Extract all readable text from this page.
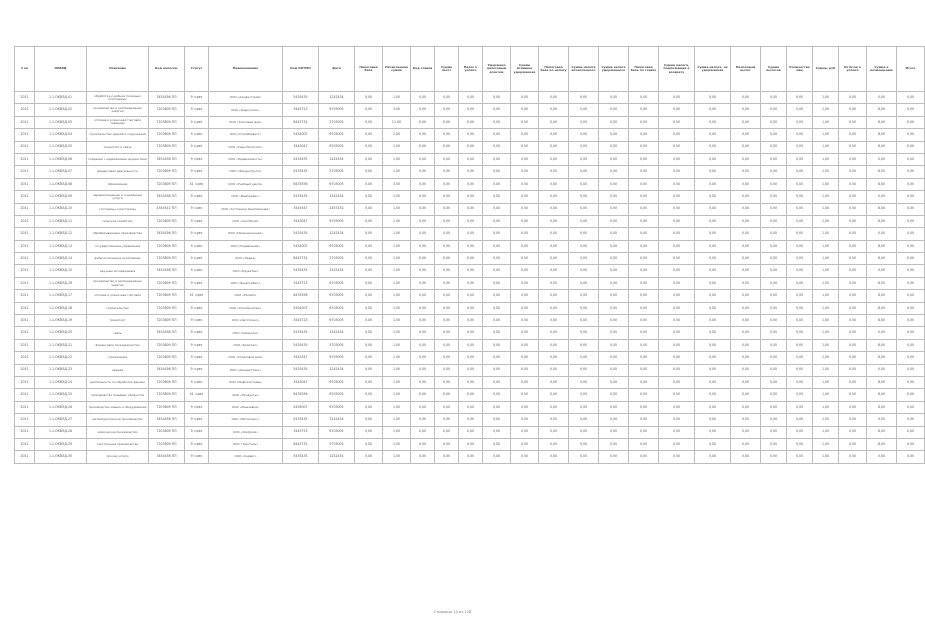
1 кв	ОКВЭД	Описание	Код налогов.	Статус	Наименование	Код ОКТМО	Дата	Налоговая база	Начисленная сумма	Код ставки	Сумма льгот	Налог к уплате	Удержано налоговым агентом	Сумма излишне удержанная	Налоговая база по налогу	Сумма налога исчисленного	Сумма налога удержанного	Налоговая база по ставке	Сумма налога, подлежащая к возврату	Сумма налога, не удержанная	Налоговый вычет	Сумма вычетов	Количество лиц	Сумма, руб	Остаток к уплате	Сумма к возмещению	Итого
2011	1.1-ОКВЭД-01	обработка и добыча полезных ископаемых	3454456 ПЛ	9 ч.рес	ООО «Альфа-Строй»	5435435	1242434	0,00	1,00	0,00	0,00	0,00	0,00	0,00	0,00	0,00	0,00	0,00	0,00	0,00	0,00	0,00	0,00	1,00	0,00	0,00	0,00
2011	1.1-ОКВЭД-02	производство и распределение энергии	7203809 ПЛ	9 ч.рес	ООО «Энергосеть»	3445723	6703005	0,00	3,00	0,00	0,00	0,00	0,00	0,00	0,00	0,00	0,00	0,00	0,00	0,00	0,00	0,00	0,00	1,00	0,00	8,00	0,00
2011	1.1-ОКВЭД-03	оптовая и розничная торговля товарами	7203809 ПЛ	9 ч.рес	ООО «Торговый дом»	8445731	5703005	0,00	11,00	0,00	0,00	0,00	0,00	0,00	0,00	0,00	0,00	0,00	0,00	0,00	0,00	0,00	0,00	1,00	0,00	8,00	0,00
2011	1.1-ОКВЭД-04	строительство зданий и сооружений	7203809 ПЛ	9 ч.рес	ООО «СтройИнвест»	5454007	6703005	0,00	2,00	0,00	0,00	0,00	0,00	0,00	0,00	0,00	0,00	0,00	0,00	0,00	0,00	0,00	0,00	1,00	0,00	8,00	0,00
2011	1.1-ОКВЭД-05	транспорт и связь	7203809 ПЛ	9 ч.рес	ООО «ТрансЛогистик»	3445047	6703005	0,00	1,00	0,00	0,00	0,00	0,00	0,00	0,00	0,00	0,00	0,00	0,00	0,00	0,00	0,00	0,00	1,00	0,00	8,00	0,00
2011	1.1-ОКВЭД-06	операции с недвижимым имуществом	3454456 ПЛ	9 ч.рес	ООО «Недвижимость»	5435435	1242434	0,00	1,00	0,00	0,00	0,00	0,00	0,00	0,00	0,00	0,00	0,00	0,00	0,00	0,00	0,00	0,00	1,00	0,00	0,00	0,00
2011	1.1-ОКВЭД-07	финансовая деятельность	7203809 ПЛ	9 ч.рес	ООО «ФинансГрупп»	5435435	5703005	0,00	1,00	0,00	0,00	0,00	0,00	0,00	0,00	0,00	0,00	0,00	0,00	0,00	0,00	0,00	0,00	1,00	0,00	8,00	0,00
2011	1.1-ОКВЭД-08	образование	7203809 ПЛ	41 ч.рес	ООО «Учебный центр»	6435556	6703005	0,00	3,00	0,00	0,00	0,00	0,00	0,00	0,00	0,00	0,00	0,00	0,00	0,00	0,00	0,00	0,00	1,00	0,00	8,00	0,00
2011	1.1-ОКВЭД-09	здравоохранение и социальные услуги	3454456 ПЛ	9 ч.рес	ООО «МедСервис»	5435435	1242434	0,00	1,00	0,00	0,00	0,00	0,00	0,00	0,00	0,00	0,00	0,00	0,00	0,00	0,00	0,00	0,00	1,00	0,00	0,00	0,00
2011	1.1-ОКВЭД-10	гостиницы и рестораны	4345511 ПЛ	9 ч.рес	ООО «Гостиница Центральная»	3445347	2457432	0,00	1,00	0,00	0,00	0,00	0,00	0,00	0,00	0,00	0,00	0,00	0,00	0,00	0,00	0,00	0,00	1,00	0,00	8,00	0,00
2011	1.1-ОКВЭД-11	сельское хозяйство	7203809 ПЛ	9 ч.рес	ООО «АгроПром»	3445047	6703005	0,00	1,00	0,00	0,00	0,00	0,00	0,00	0,00	0,00	0,00	0,00	0,00	0,00	0,00	0,00	0,00	1,00	0,00	8,00	0,00
2011	1.1-ОКВЭД-12	обрабатывающие производства	3454456 ПЛ	9 ч.рес	ООО «Промышленник»	5435435	1242434	0,00	1,00	0,00	0,00	0,00	0,00	0,00	0,00	0,00	0,00	0,00	0,00	0,00	0,00	0,00	0,00	1,00	0,00	0,00	0,00
2011	1.1-ОКВЭД-13	государственное управление	7203809 ПЛ	9 ч.рес	ООО «Управление»	5454007	6703005	0,00	1,00	0,00	0,00	0,00	0,00	0,00	0,00	0,00	0,00	0,00	0,00	0,00	0,00	0,00	0,00	1,00	0,00	8,00	0,00
2011	1.1-ОКВЭД-14	добыча полезных ископаемых	7203809 ПЛ	9 ч.рес	ООО «Недра»	8445731	5703005	0,00	1,00	0,00	0,00	0,00	0,00	0,00	0,00	0,00	0,00	0,00	0,00	0,00	0,00	0,00	0,00	1,00	0,00	8,00	0,00
2011	1.1-ОКВЭД-15	научные исследования	3454456 ПЛ	9 ч.рес	ООО «НаукаТех»	5435435	1242434	0,00	1,00	0,00	0,00	0,00	0,00	0,00	0,00	0,00	0,00	0,00	0,00	0,00	0,00	0,00	0,00	1,00	0,00	0,00	0,00
2011	1.1-ОКВЭД-16	производство и распределение энергии	7203809 ПЛ	9 ч.рес	ООО «ЭнергоСбыт»	3445723	6703005	0,00	1,00	0,00	0,00	0,00	0,00	0,00	0,00	0,00	0,00	0,00	0,00	0,00	0,00	0,00	0,00	1,00	0,00	8,00	0,00
2011	1.1-ОКВЭД-17	оптовая и розничная торговля	7203809 ПЛ	41 ч.рес	ООО «Ритейл»	6435556	6703005	0,00	1,00	0,00	0,00	0,00	0,00	0,00	0,00	0,00	0,00	0,00	0,00	0,00	0,00	0,00	0,00	1,00	0,00	8,00	0,00
2011	1.1-ОКВЭД-18	строительство	7203809 ПЛ	9 ч.рес	ООО «Строймонтаж»	5454007	6703005	0,00	1,00	0,00	0,00	0,00	0,00	0,00	0,00	0,00	0,00	0,00	0,00	0,00	0,00	0,00	0,00	1,00	0,00	8,00	0,00
2011	1.1-ОКВЭД-19	транспорт	7203809 ПЛ	9 ч.рес	ООО «Автотранс»	3445723	6703005	0,00	1,00	0,00	0,00	0,00	0,00	0,00	0,00	0,00	0,00	0,00	0,00	0,00	0,00	0,00	0,00	1,00	0,00	8,00	0,00
2011	1.1-ОКВЭД-20	связь	3454456 ПЛ	9 ч.рес	ООО «Связьком»	5435435	1242434	0,00	1,00	0,00	0,00	0,00	0,00	0,00	0,00	0,00	0,00	0,00	0,00	0,00	0,00	0,00	0,00	1,00	0,00	0,00	0,00
2011	1.1-ОКВЭД-21	финансовое посредничество	7203809 ПЛ	9 ч.рес	ООО «Капитал»	5435435	5703005	0,00	1,00	0,00	0,00	0,00	0,00	0,00	0,00	0,00	0,00	0,00	0,00	0,00	0,00	0,00	0,00	1,00	0,00	8,00	0,00
2011	1.1-ОКВЭД-22	страхование	7203809 ПЛ	9 ч.рес	ООО «Страховой дом»	3445347	6703005	0,00	1,00	0,00	0,00	0,00	0,00	0,00	0,00	0,00	0,00	0,00	0,00	0,00	0,00	0,00	0,00	1,00	0,00	8,00	0,00
2011	1.1-ОКВЭД-23	аренда	3454456 ПЛ	9 ч.рес	ООО «Аренда Плюс»	5435435	1242434	0,00	1,00	0,00	0,00	0,00	0,00	0,00	0,00	0,00	0,00	0,00	0,00	0,00	0,00	0,00	0,00	1,00	0,00	0,00	0,00
2011	1.1-ОКВЭД-24	деятельность по обработке данных	7203809 ПЛ	9 ч.рес	ООО «ИнфоСистемы»	3445047	6703005	0,00	1,00	0,00	0,00	0,00	0,00	0,00	0,00	0,00	0,00	0,00	0,00	0,00	0,00	0,00	0,00	1,00	0,00	8,00	0,00
2011	1.1-ОКВЭД-25	производство пищевых продуктов	7203809 ПЛ	41 ч.рес	ООО «Продукты»	6435556	6703005	0,00	1,00	0,00	0,00	0,00	0,00	0,00	0,00	0,00	0,00	0,00	0,00	0,00	0,00	0,00	0,00	1,00	0,00	8,00	0,00
2011	1.1-ОКВЭД-26	производство машин и оборудования	7203809 ПЛ	9 ч.рес	ООО «Машзавод»	5454007	6703005	0,00	1,00	0,00	0,00	0,00	0,00	0,00	0,00	0,00	0,00	0,00	0,00	0,00	0,00	0,00	0,00	1,00	0,00	8,00	0,00
2011	1.1-ОКВЭД-27	металлургическое производство	3454456 ПЛ	9 ч.рес	ООО «Металлург»	5435435	1242434	0,00	1,00	0,00	0,00	0,00	0,00	0,00	0,00	0,00	0,00	0,00	0,00	0,00	0,00	0,00	0,00	1,00	0,00	0,00	0,00
2011	1.1-ОКВЭД-28	химическое производство	7203809 ПЛ	9 ч.рес	ООО «Химпром»	3445723	6703005	0,00	1,00	0,00	0,00	0,00	0,00	0,00	0,00	0,00	0,00	0,00	0,00	0,00	0,00	0,00	0,00	1,00	0,00	8,00	0,00
2011	1.1-ОКВЭД-29	текстильное производство	7203809 ПЛ	9 ч.рес	ООО «Текстиль»	8445731	5703005	0,00	1,00	0,00	0,00	0,00	0,00	0,00	0,00	0,00	0,00	0,00	0,00	0,00	0,00	0,00	0,00	1,00	0,00	8,00	0,00
2011	1.1-ОКВЭД-30	прочие услуги	3454456 ПЛ	9 ч.рес	ООО «Сервис»	5435435	1242434	0,00	1,00	0,00	0,00	0,00	0,00	0,00	0,00	0,00	0,00	0,00	0,00	0,00	0,00	0,00	0,00	1,00	0,00	0,00	0,00
Страница 10 из 128
